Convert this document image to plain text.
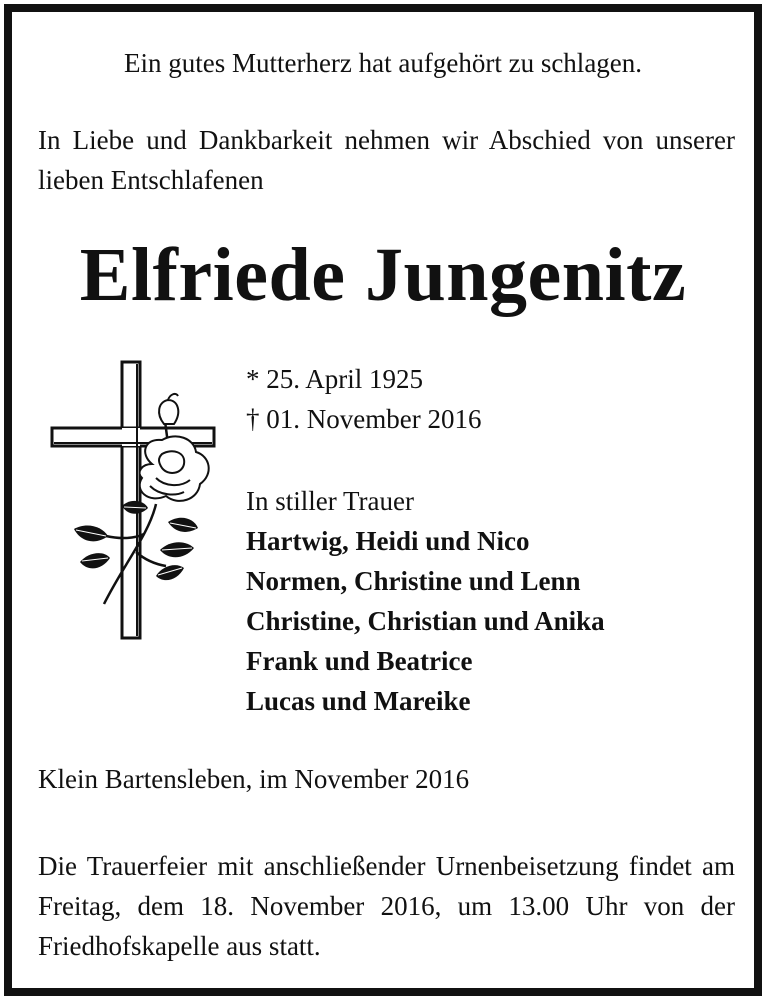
Ein gutes Mutterherz hat aufgehört zu schlagen.
In Liebe und Dankbarkeit nehmen wir Abschied von unserer lieben Entschlafenen
Elfriede Jungenitz
* 25. April 1925
† 01. November 2016
In stiller Trauer
Hartwig, Heidi und Nico
Normen, Christine und Lenn
Christine, Christian und Anika
Frank und Beatrice
Lucas und Mareike
Klein Bartensleben, im November 2016
Die Trauerfeier mit anschließender Urnenbeisetzung findet am Freitag, dem 18. November 2016, um 13.00 Uhr von der Friedhofskapelle aus statt.
